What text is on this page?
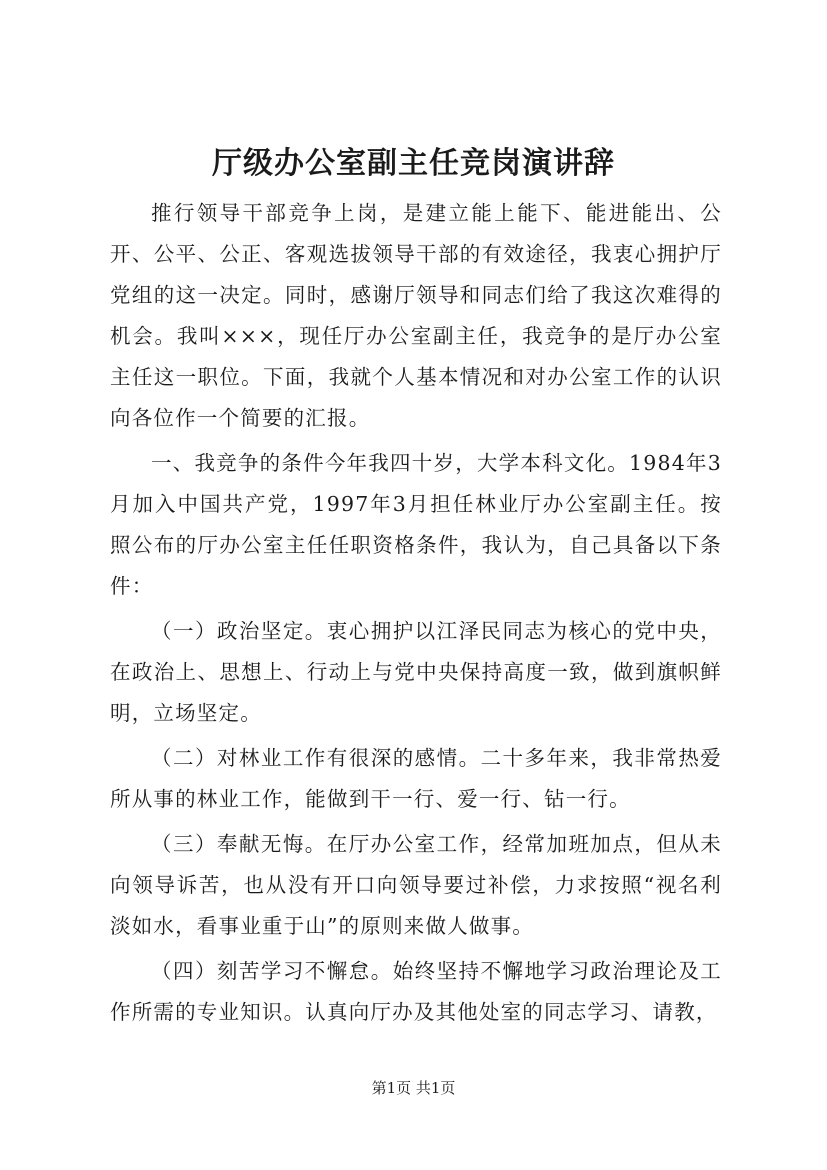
厅级办公室副主任竞岗演讲辞

推行领导干部竞争上岗，是建立能上能下、能进能出、公开、公平、公正、客观选拔领导干部的有效途径，我衷心拥护厅党组的这一决定。同时，感谢厅领导和同志们给了我这次难得的机会。我叫×××，现任厅办公室副主任，我竞争的是厅办公室主任这一职位。下面，我就个人基本情况和对办公室工作的认识向各位作一个简要的汇报。

一、我竞争的条件今年我四十岁，大学本科文化。1984年3月加入中国共产党，1997年3月担任林业厅办公室副主任。按照公布的厅办公室主任任职资格条件，我认为，自己具备以下条件：

（一）政治坚定。衷心拥护以江泽民同志为核心的党中央，在政治上、思想上、行动上与党中央保持高度一致，做到旗帜鲜明，立场坚定。

（二）对林业工作有很深的感情。二十多年来，我非常热爱所从事的林业工作，能做到干一行、爱一行、钻一行。

（三）奉献无悔。在厅办公室工作，经常加班加点，但从未向领导诉苦，也从没有开口向领导要过补偿，力求按照“视名利淡如水，看事业重于山”的原则来做人做事。

（四）刻苦学习不懈怠。始终坚持不懈地学习政治理论及工作所需的专业知识。认真向厅办及其他处室的同志学习、请教，

第1页 共1页
